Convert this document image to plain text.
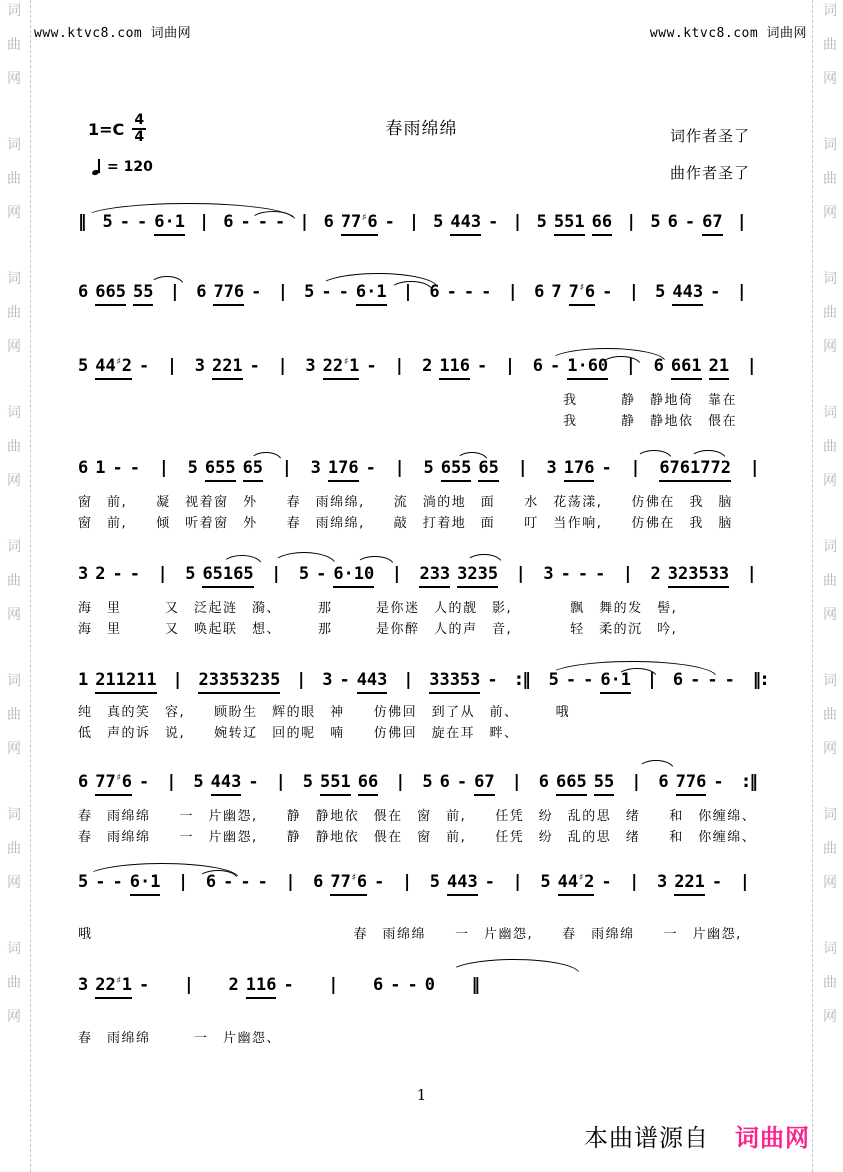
词
曲
网
词
曲
网
词
曲
网
词
曲
网
词
曲
网
词
曲
网
词
曲
网
词
曲
网
词
曲
网
词
曲
网
词
曲
网
词
曲
网
词
曲
网
词
曲
网
词
曲
网
词
曲
网
www.ktvc8.com 词曲网	www.ktvc8.com 词曲网
春雨绵绵
$1=C \frac{4}{4}$
= 120
词作者圣了
曲作者圣了
‖ 5 - - 6·1 | 6 - - - | 6 77♯6 - | 5 443 - | 5 551 66 | 5 6 - 67 |
6 665 55 | 6 776 - | 5 - - 6·1 | 6 - - - | 6 7 7♯6 - | 5 443 - |
5 44♯2 - | 3 221 - | 3 22♯1 - | 2 116 - | 6 - 1·60 | 6 661 21 |
我　　　静　静地倚　靠在
我　　　静　静地依　偎在
6 1 - - | 5 655 65 | 3 176 - | 5 655 65 | 3 176 - | 6761772 |
窗　前,　　凝　视着窗　外　　春　雨绵绵,　　流　淌的地　面　　水　花荡漾,　　仿佛在　我　脑
窗　前,　　倾　听着窗　外　　春　雨绵绵,　　敲　打着地　面　　叮　当作响,　　仿佛在　我　脑
3 2 - - | 5 65165 | 5 - 6·10 | 233 3235 | 3 - - - | 2 323533 |
海　里　　　又　泛起涟　漪、　　　那　　　是你迷　人的靓　影,　　　　飘　舞的发　髻,
海　里　　　又　唤起联　想、　　　那　　　是你醉　人的声　音,　　　　轻　柔的沉　吟,
1 211211 | 23353235 | 3 - 443 | 33353 - :‖ 5 - - 6·1 | 6 - - - ‖:
纯　真的笑　容,　　顾盼生　辉的眼　神　　仿佛回　到了从　前、　　　哦
低　声的诉　说,　　婉转辽　回的呢　喃　　仿佛回　旋在耳　畔、
6 77♯6 - | 5 443 - | 5 551 66 | 5 6 - 67 | 6 665 55 | 6 776 - :‖
春　雨绵绵　　一　片幽怨,　　静　静地依　偎在　窗　前,　　任凭　纷　乱的思　绪　　和　你缠绵、
春　雨绵绵　　一　片幽怨,　　静　静地依　偎在　窗　前,　　任凭　纷　乱的思　绪　　和　你缠绵、
5 - - 6·1 | 6 - - - | 6 77♯6 - | 5 443 - | 5 44♯2 - | 3 221 - |
哦　　　　　　　　　　　　　　　　　　春　雨绵绵　　一　片幽怨,　　春　雨绵绵　　一　片幽怨,
3 22♯1 - | 2 116 - | 6 - - 0 ‖
春　雨绵绵　　　一　片幽怨、
1
本曲谱源自 词曲网
